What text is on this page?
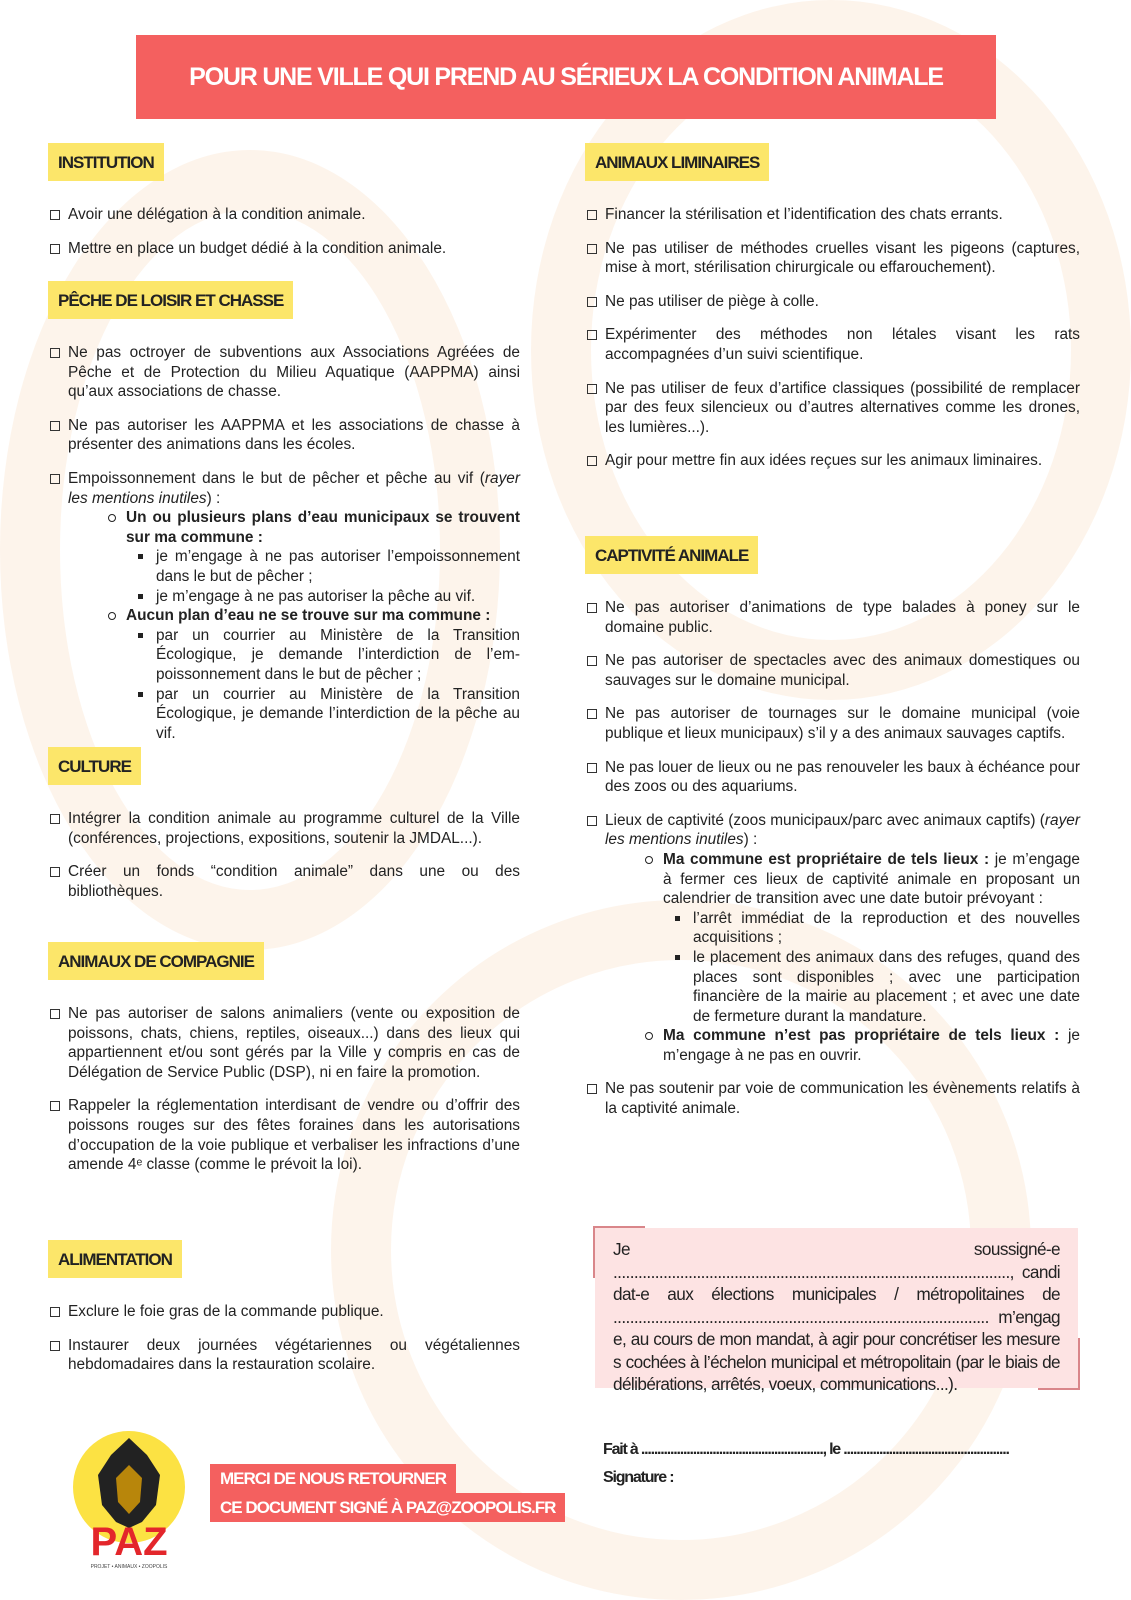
POUR UNE VILLE QUI PREND AU SÉRIEUX LA CONDITION ANIMALE
INSTITUTION
Avoir une délégation à la condition animale.
Mettre en place un budget dédié à la condition animale.
PÊCHE DE LOISIR ET CHASSE
Ne pas octroyer de subventions aux Associations Agréées de Pêche et de Protection du Milieu Aquatique (AAPPMA) ainsi qu’aux associations de chasse.
Ne pas autoriser les AAPPMA et les associations de chasse à présenter des animations dans les écoles.
Empoissonnement dans le but de pêcher et pêche au vif (rayer les mentions inutiles) :
Un ou plusieurs plans d’eau municipaux se trouvent sur ma commune :
je m’engage à ne pas autoriser l’empoissonnement dans le but de pêcher ;
je m’engage à ne pas autoriser la pêche au vif.
Aucun plan d’eau ne se trouve sur ma commune :
par un courrier au Ministère de la Transition Écologique, je demande l’interdiction de l’empoissonnement dans le but de pêcher ;
par un courrier au Ministère de la Transition Écologique, je demande l’interdiction de la pêche au vif.
CULTURE
Intégrer la condition animale au programme culturel de la Ville (conférences, projections, expositions, soutenir la JMDAL...).
Créer un fonds “condition animale” dans une ou des bibliothèques.
ANIMAUX DE COMPAGNIE
Ne pas autoriser de salons animaliers (vente ou exposition de poissons, chats, chiens, reptiles, oiseaux...) dans des lieux qui appartiennent et/ou sont gérés par la Ville y compris en cas de Délégation de Service Public (DSP), ni en faire la promotion.
Rappeler la réglementation interdisant de vendre ou d’offrir des poissons rouges sur des fêtes foraines dans les autorisations d’occupation de la voie publique et verbaliser les infractions d’une amende 4ᵉ classe (comme le prévoit la loi).
ALIMENTATION
Exclure le foie gras de la commande publique.
Instaurer deux journées végétariennes ou végétaliennes hebdomadaires dans la restauration scolaire.
ANIMAUX LIMINAIRES
Financer la stérilisation et l’identification des chats errants.
Ne pas utiliser de méthodes cruelles visant les pigeons (captures, mise à mort, stérilisation chirurgicale ou effarouchement).
Ne pas utiliser de piège à colle.
Expérimenter des méthodes non létales visant les rats accompagnées d’un suivi scientifique.
Ne pas utiliser de feux d’artifice classiques (possibilité de remplacer par des feux silencieux ou d’autres alternatives comme les drones, les lumières...).
Agir pour mettre fin aux idées reçues sur les animaux liminaires.
CAPTIVITÉ ANIMALE
Ne pas autoriser d’animations de type balades à poney sur le domaine public.
Ne pas autoriser de spectacles avec des animaux domestiques ou sauvages sur le domaine municipal.
Ne pas autoriser de tournages sur le domaine municipal (voie publique et lieux municipaux) s’il y a des animaux sauvages captifs.
Ne pas louer de lieux ou ne pas renouveler les baux à échéance pour des zoos ou des aquariums.
Lieux de captivité (zoos municipaux/parc avec animaux captifs) (rayer les mentions inutiles) :
Ma commune est propriétaire de tels lieux : je m’engage à fermer ces lieux de captivité animale en proposant un calendrier de transition avec une date butoir prévoyant :
l’arrêt immédiat de la reproduction et des nouvelles acquisitions ;
le placement des animaux dans des refuges, quand des places sont disponibles ; avec une participation financière de la mairie au placement ; et avec une date de fermeture durant la mandature.
Ma commune n’est pas propriétaire de tels lieux : je m’engage à ne pas en ouvrir.
Ne pas soutenir par voie de communication les évènements relatifs à la captivité animale.
Je soussigné-e ..............................................................................................., candidat-e aux élections municipales / métropolitaines de .......................................................................................... m’engage, au cours de mon mandat, à agir pour concrétiser les mesures cochées à l’échelon municipal et métropolitain (par le biais de délibérations, arrêtés, voeux, communications...).
Fait à ........................................................, le ...................................................
Signature :
PAZ
PROJET • ANIMAUX • ZOOPOLIS
MERCI DE NOUS RETOURNER
CE DOCUMENT SIGNÉ À PAZ@ZOOPOLIS.FR
